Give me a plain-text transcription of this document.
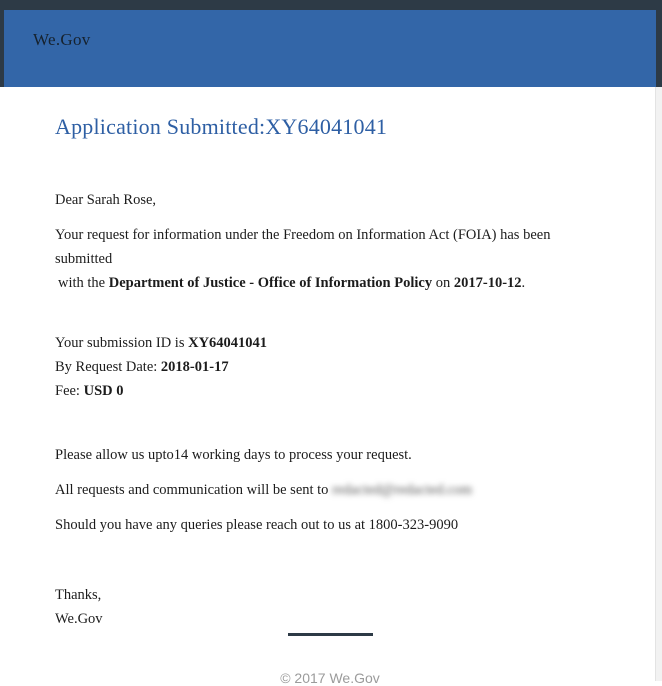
We.Gov
Application Submitted:XY64041041

Dear Sarah Rose,

Your request for information under the Freedom on Information Act (FOIA) has been submitted
with the Department of Justice - Office of Information Policy on 2017-10-12.

Your submission ID is XY64041041

By Request Date: 2018-01-17

Fee: USD 0

Please allow us upto14 working days to process your request.

All requests and communication will be sent to redacted@redacted.com

Should you have any queries please reach out to us at 1800-323-9090

Thanks,

We.Gov

© 2017 We.Gov
